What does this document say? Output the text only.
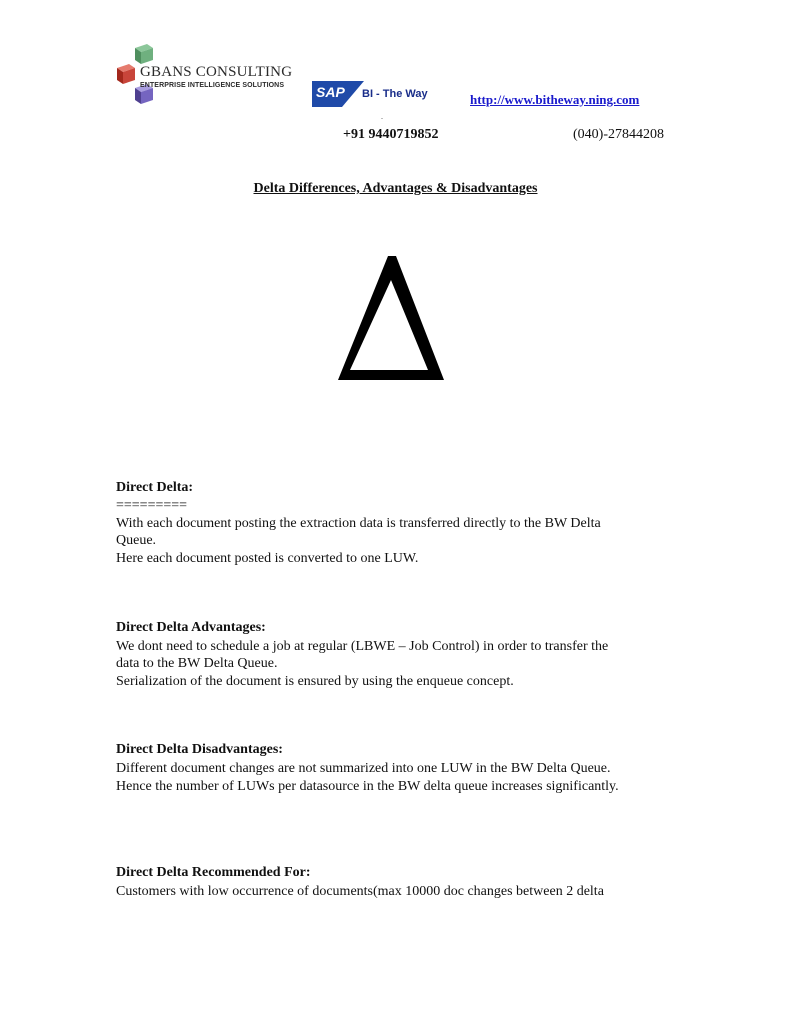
GBANS CONSULTING
ENTERPRISE INTELLIGENCE SOLUTIONS SAP BI - The Way	http://www.bitheway.ning.com
.
+91 9440719852	(040)-27844208
Delta Differences, Advantages & Disadvantages
Direct Delta:
=========
With each document posting the extraction data is transferred directly to the BW Delta
Queue.
Here each document posted is converted to one LUW.
Direct Delta Advantages:
We dont need to schedule a job at regular (LBWE – Job Control) in order to transfer the
data to the BW Delta Queue.
Serialization of the document is ensured by using the enqueue concept.
Direct Delta Disadvantages:
Different document changes are not summarized into one LUW in the BW Delta Queue.
Hence the number of LUWs per datasource in the BW delta queue increases significantly.
Direct Delta Recommended For:
Customers with low occurrence of documents(max 10000 doc changes between 2 delta
